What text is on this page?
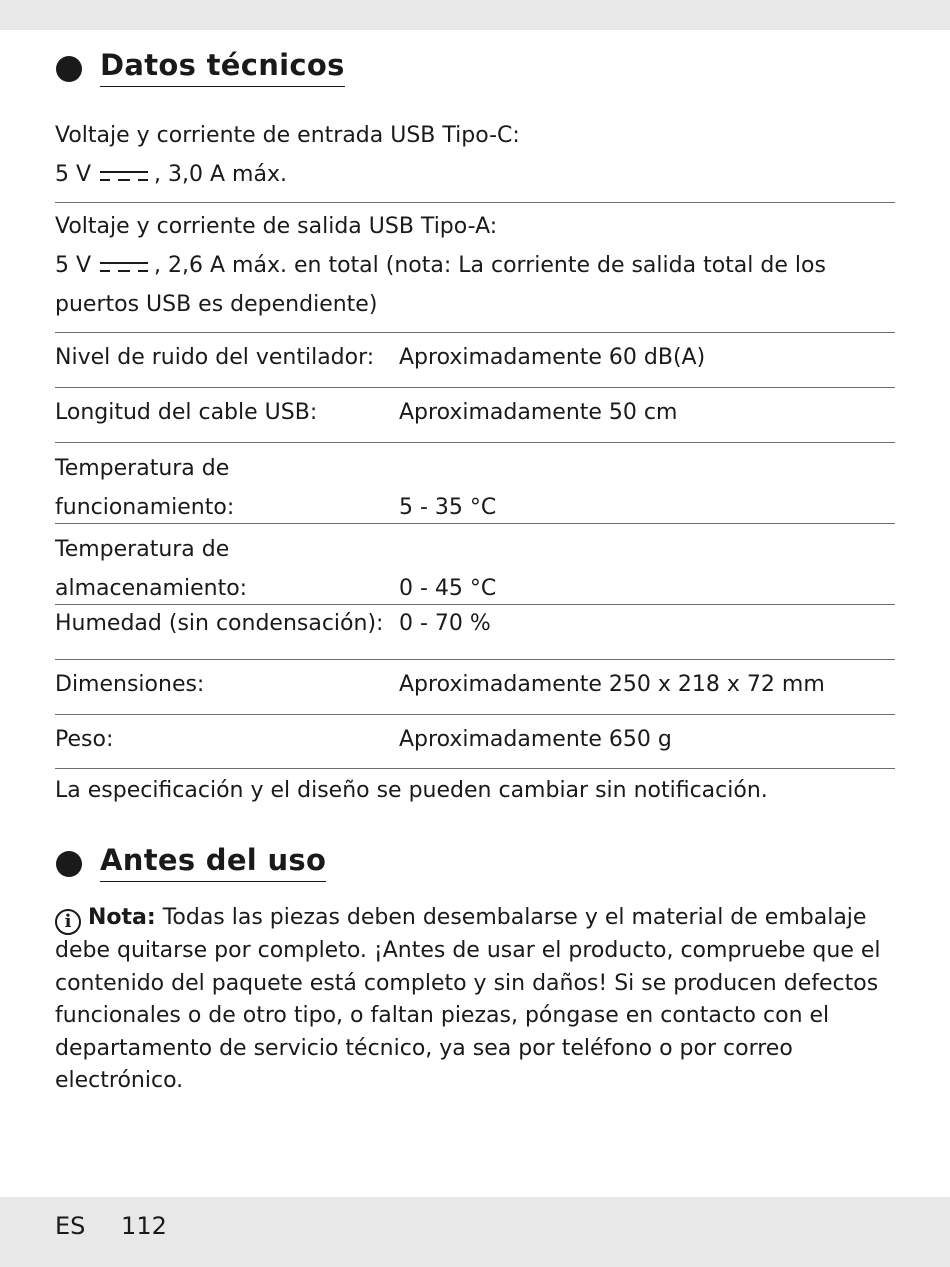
Datos técnicos
Voltaje y corriente de entrada USB Tipo-C:
5 V	, 3,0 A máx.
Voltaje y corriente de salida USB Tipo-A:
5 V	, 2,6 A máx. en total (nota: La corriente de salida total de los puertos USB es dependiente)
Nivel de ruido del ventilador: Aproximadamente 60 dB(A)
Longitud del cable USB:	Aproximadamente 50 cm
Temperatura de funcionamiento:	5 - 35 °C
Temperatura de almacenamiento:	0 - 45 °C
Humedad (sin condensación): 0 - 70 %
Dimensiones:	Aproximadamente 250 x 218 x 72 mm
Peso:	Aproximadamente 650 g
La especificación y el diseño se pueden cambiar sin notificación.
Antes del uso
i Nota: Todas las piezas deben desembalarse y el material de embalaje debe quitarse por completo. ¡Antes de usar el producto, compruebe que el contenido del paquete está completo y sin daños! Si se producen defectos funcionales o de otro tipo, o faltan piezas, póngase en contacto con el departamento de servicio técnico, ya sea por teléfono o por correo electrónico.
ES 112
